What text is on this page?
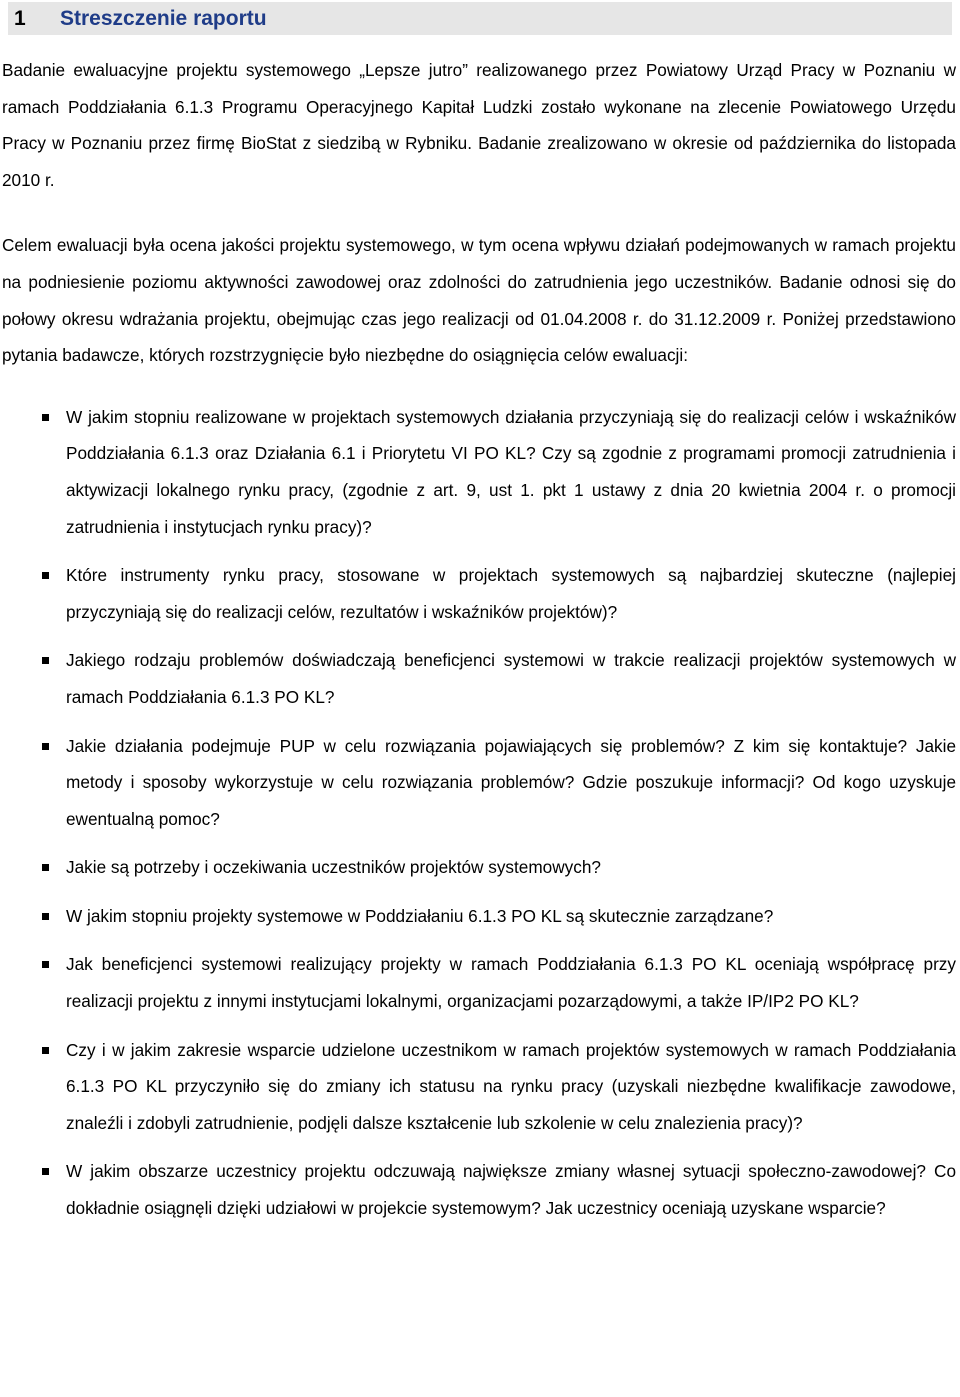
1	Streszczenie raportu

Badanie ewaluacyjne projektu systemowego „Lepsze jutro” realizowanego przez Powiatowy Urząd Pracy w Poznaniu w ramach Poddziałania 6.1.3 Programu Operacyjnego Kapitał Ludzki zostało wykonane na zlecenie Powiatowego Urzędu Pracy w Poznaniu przez firmę BioStat z siedzibą w Rybniku. Badanie zrealizowano w okresie od października do listopada 2010 r.

Celem ewaluacji była ocena jakości projektu systemowego, w tym ocena wpływu działań podejmowanych w ramach projektu na podniesienie poziomu aktywności zawodowej oraz zdolności do zatrudnienia jego uczestników. Badanie odnosi się do połowy okresu wdrażania projektu, obejmując czas jego realizacji od 01.04.2008 r. do 31.12.2009 r. Poniżej przedstawiono pytania badawcze, których rozstrzygnięcie było niezbędne do osiągnięcia celów ewaluacji:

W jakim stopniu realizowane w projektach systemowych działania przyczyniają się do realizacji celów i wskaźników Poddziałania 6.1.3 oraz Działania 6.1 i Priorytetu VI PO KL? Czy są zgodnie z programami promocji zatrudnienia i aktywizacji lokalnego rynku pracy, (zgodnie z art. 9, ust 1. pkt 1 ustawy z dnia 20 kwietnia 2004 r. o promocji zatrudnienia i instytucjach rynku pracy)?
Które instrumenty rynku pracy, stosowane w projektach systemowych są najbardziej skuteczne (najlepiej przyczyniają się do realizacji celów, rezultatów i wskaźników projektów)?
Jakiego rodzaju problemów doświadczają beneficjenci systemowi w trakcie realizacji projektów systemowych w ramach Poddziałania 6.1.3 PO KL?
Jakie działania podejmuje PUP w celu rozwiązania pojawiających się problemów? Z kim się kontaktuje? Jakie metody i sposoby wykorzystuje w celu rozwiązania problemów? Gdzie poszukuje informacji? Od kogo uzyskuje ewentualną pomoc?
Jakie są potrzeby i oczekiwania uczestników projektów systemowych?
W jakim stopniu projekty systemowe w Poddziałaniu 6.1.3 PO KL są skutecznie zarządzane?
Jak beneficjenci systemowi realizujący projekty w ramach Poddziałania 6.1.3 PO KL oceniają współpracę przy realizacji projektu z innymi instytucjami lokalnymi, organizacjami pozarządowymi, a także IP/IP2 PO KL?
Czy i w jakim zakresie wsparcie udzielone uczestnikom w ramach projektów systemowych w ramach Poddziałania 6.1.3 PO KL przyczyniło się do zmiany ich statusu na rynku pracy (uzyskali niezbędne kwalifikacje zawodowe, znaleźli i zdobyli zatrudnienie, podjęli dalsze kształcenie lub szkolenie w celu znalezienia pracy)?
W jakim obszarze uczestnicy projektu odczuwają największe zmiany własnej sytuacji społeczno-zawodowej? Co dokładnie osiągnęli dzięki udziałowi w projekcie systemowym? Jak uczestnicy oceniają uzyskane wsparcie?
